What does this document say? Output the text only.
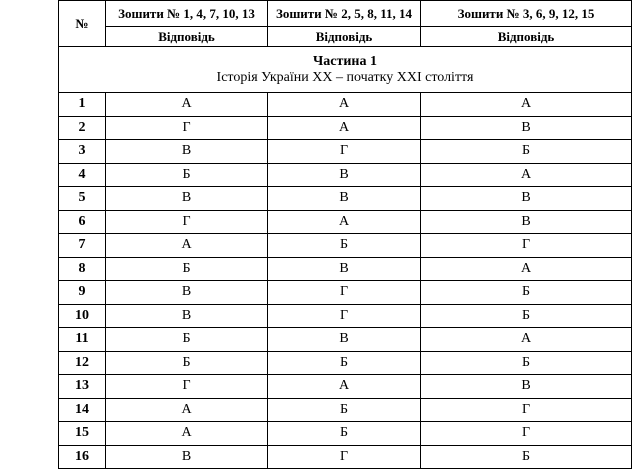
№	Зошити № 1, 4, 7, 10, 13	Зошити № 2, 5, 8, 11, 14	Зошити № 3, 6, 9, 12, 15
	Відповідь	Відповідь	Відповідь

Частина 1
Історія України ХХ – початку ХХІ століття			

1	А	А	А
2	Г	А	В
3	В	Г	Б
4	Б	В	А
5	В	В	В
6	Г	А	В
7	А	Б	Г
8	Б	В	А
9	В	Г	Б
10	В	Г	Б
11	Б	В	А
12	Б	Б	Б
13	Г	А	В
14	А	Б	Г
15	А	Б	Г
16	В	Г	Б
